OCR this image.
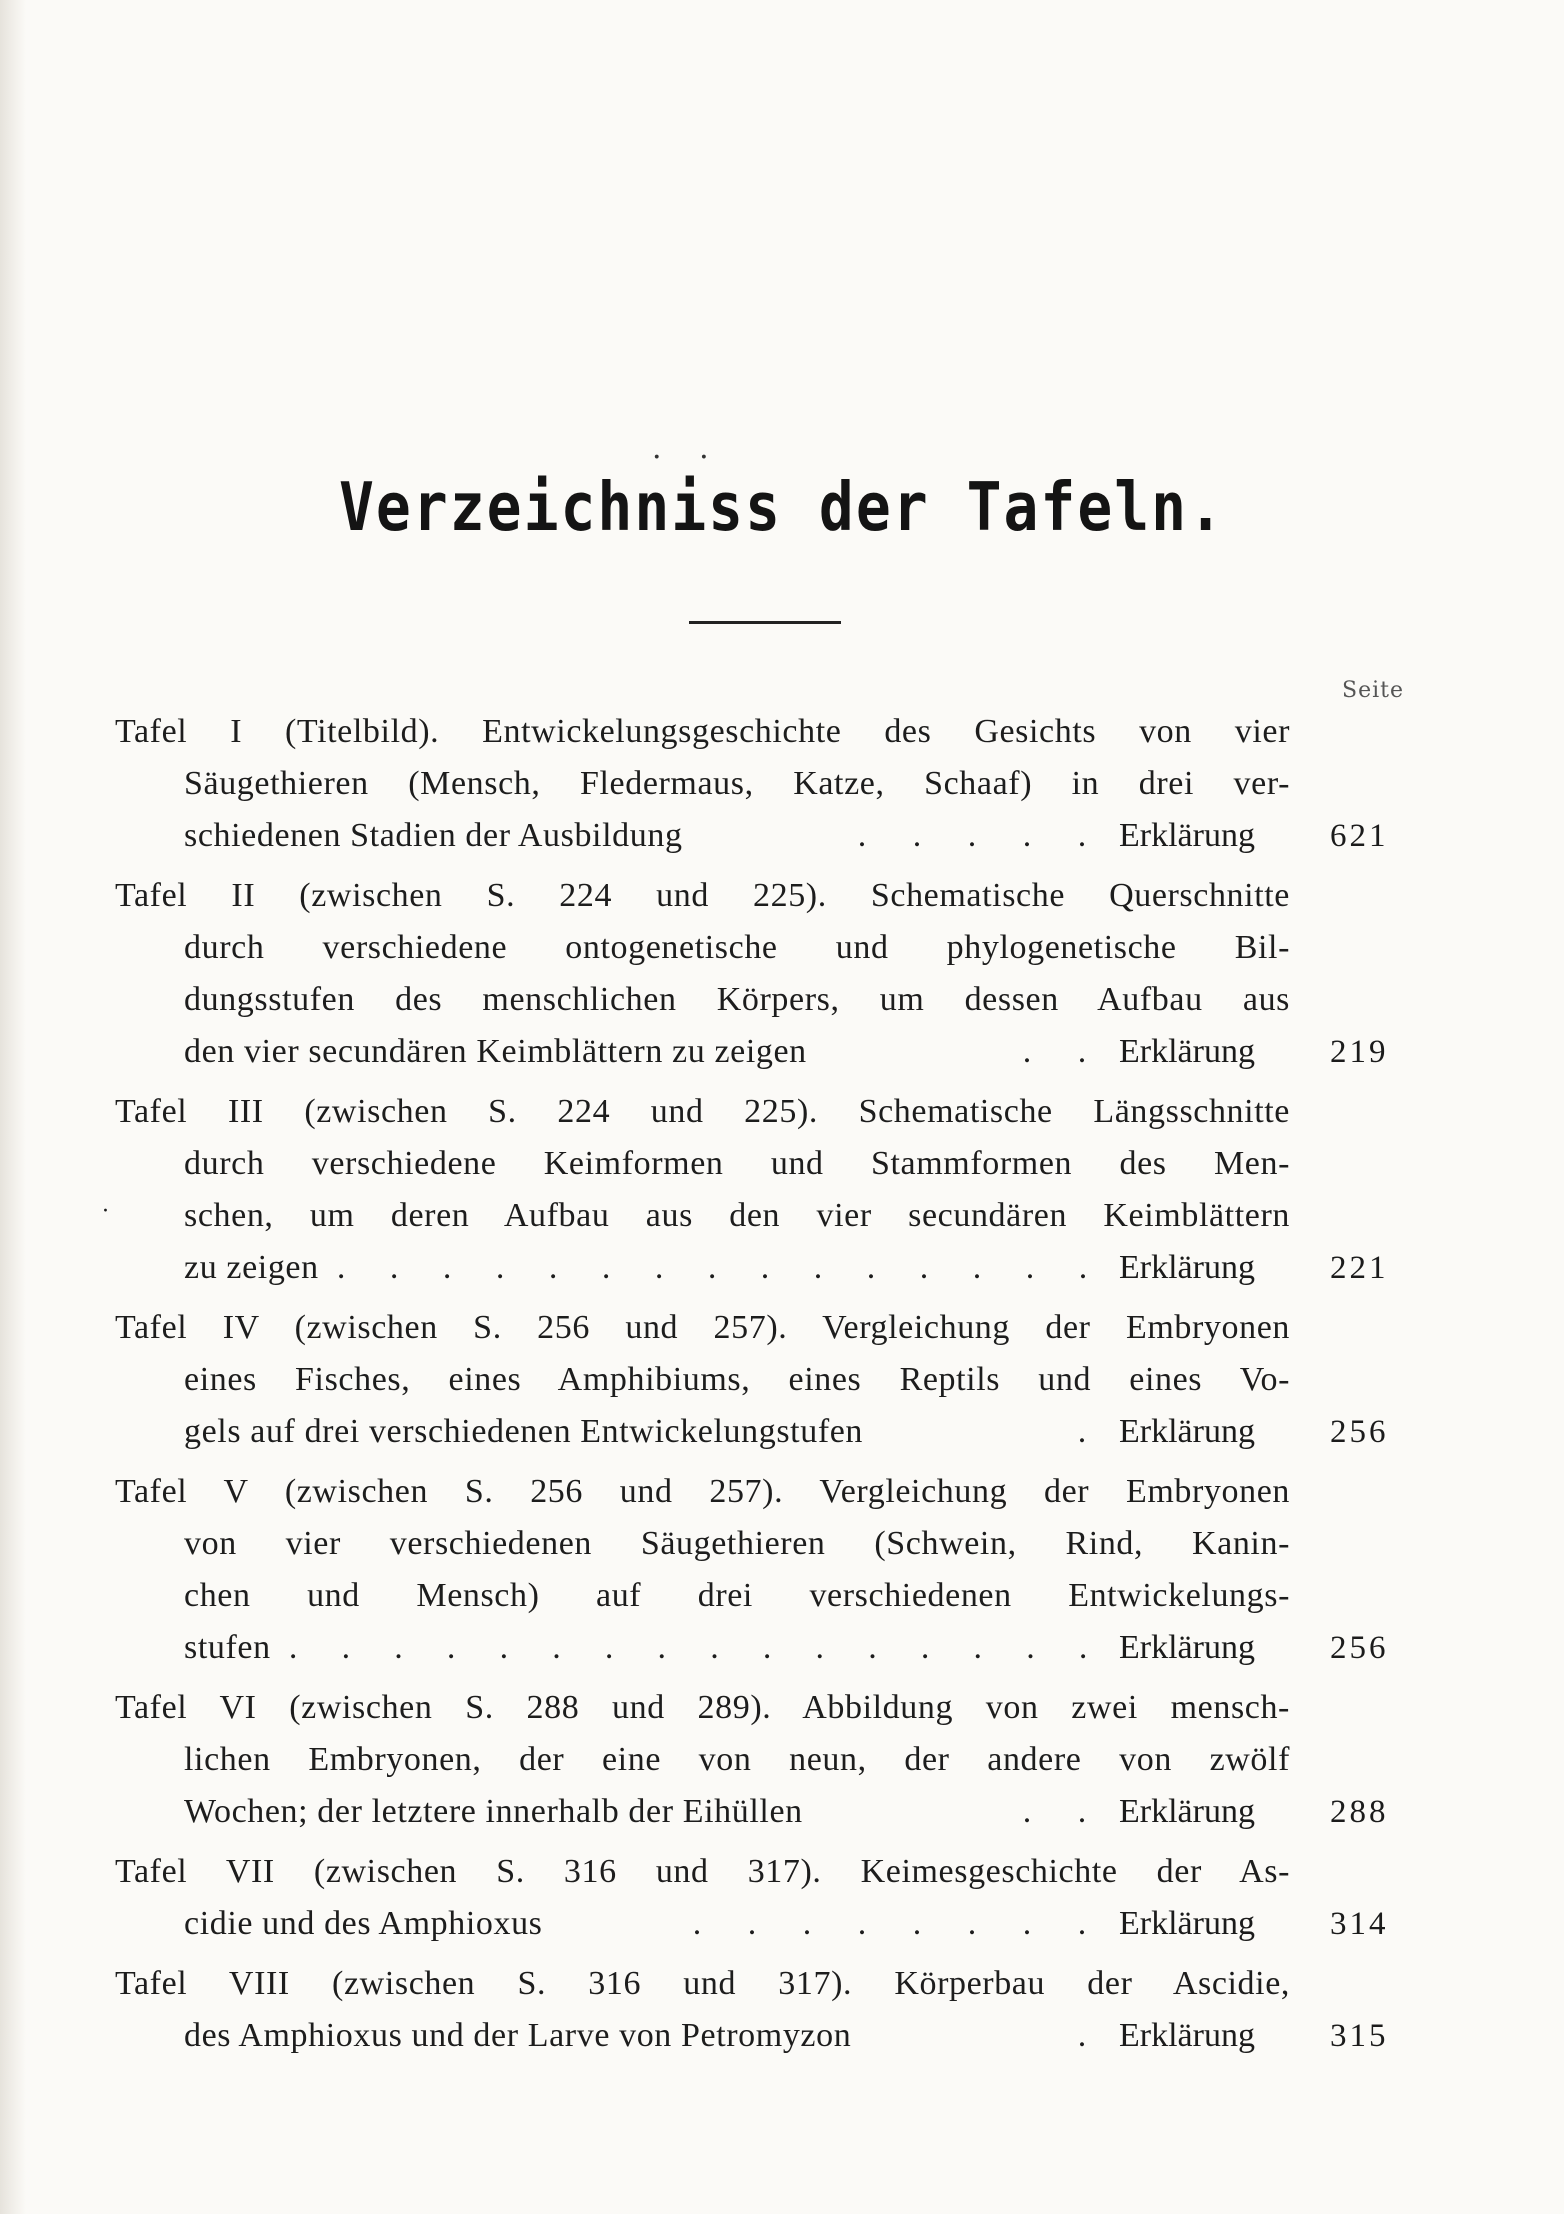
· ·
Verzeichniss der Tafeln.
Seite
·
Tafel I (Titelbild). Entwickelungsgeschichte des Gesichts von vier
Säugethieren (Mensch, Fledermaus, Katze, Schaaf) in drei ver-
schiedenen Stadien der Ausbildung	. . . . . Erklärung 621
Tafel II (zwischen S. 224 und 225). Schematische Querschnitte
durch verschiedene ontogenetische und phylogenetische Bil-
dungsstufen des menschlichen Körpers, um dessen Aufbau aus
den vier secundären Keimblättern zu zeigen	. . Erklärung 219
Tafel III (zwischen S. 224 und 225). Schematische Längsschnitte
durch verschiedene Keimformen und Stammformen des Men-
schen, um deren Aufbau aus den vier secundären Keimblättern
zu zeigen . . . . . . . . . . . . . . . Erklärung 221
Tafel IV (zwischen S. 256 und 257). Vergleichung der Embryonen
eines Fisches, eines Amphibiums, eines Reptils und eines Vo-
gels auf drei verschiedenen Entwickelungstufen	. Erklärung 256
Tafel V (zwischen S. 256 und 257). Vergleichung der Embryonen
von vier verschiedenen Säugethieren (Schwein, Rind, Kanin-
chen und Mensch) auf drei verschiedenen Entwickelungs-
stufen . . . . . . . . . . . . . . . . Erklärung 256
Tafel VI (zwischen S. 288 und 289). Abbildung von zwei mensch-
lichen Embryonen, der eine von neun, der andere von zwölf
Wochen; der letztere innerhalb der Eihüllen	. . Erklärung 288
Tafel VII (zwischen S. 316 und 317). Keimesgeschichte der As-
cidie und des Amphioxus	. . . . . . . . Erklärung 314
Tafel VIII (zwischen S. 316 und 317). Körperbau der Ascidie,
des Amphioxus und der Larve von Petromyzon	. Erklärung 315
